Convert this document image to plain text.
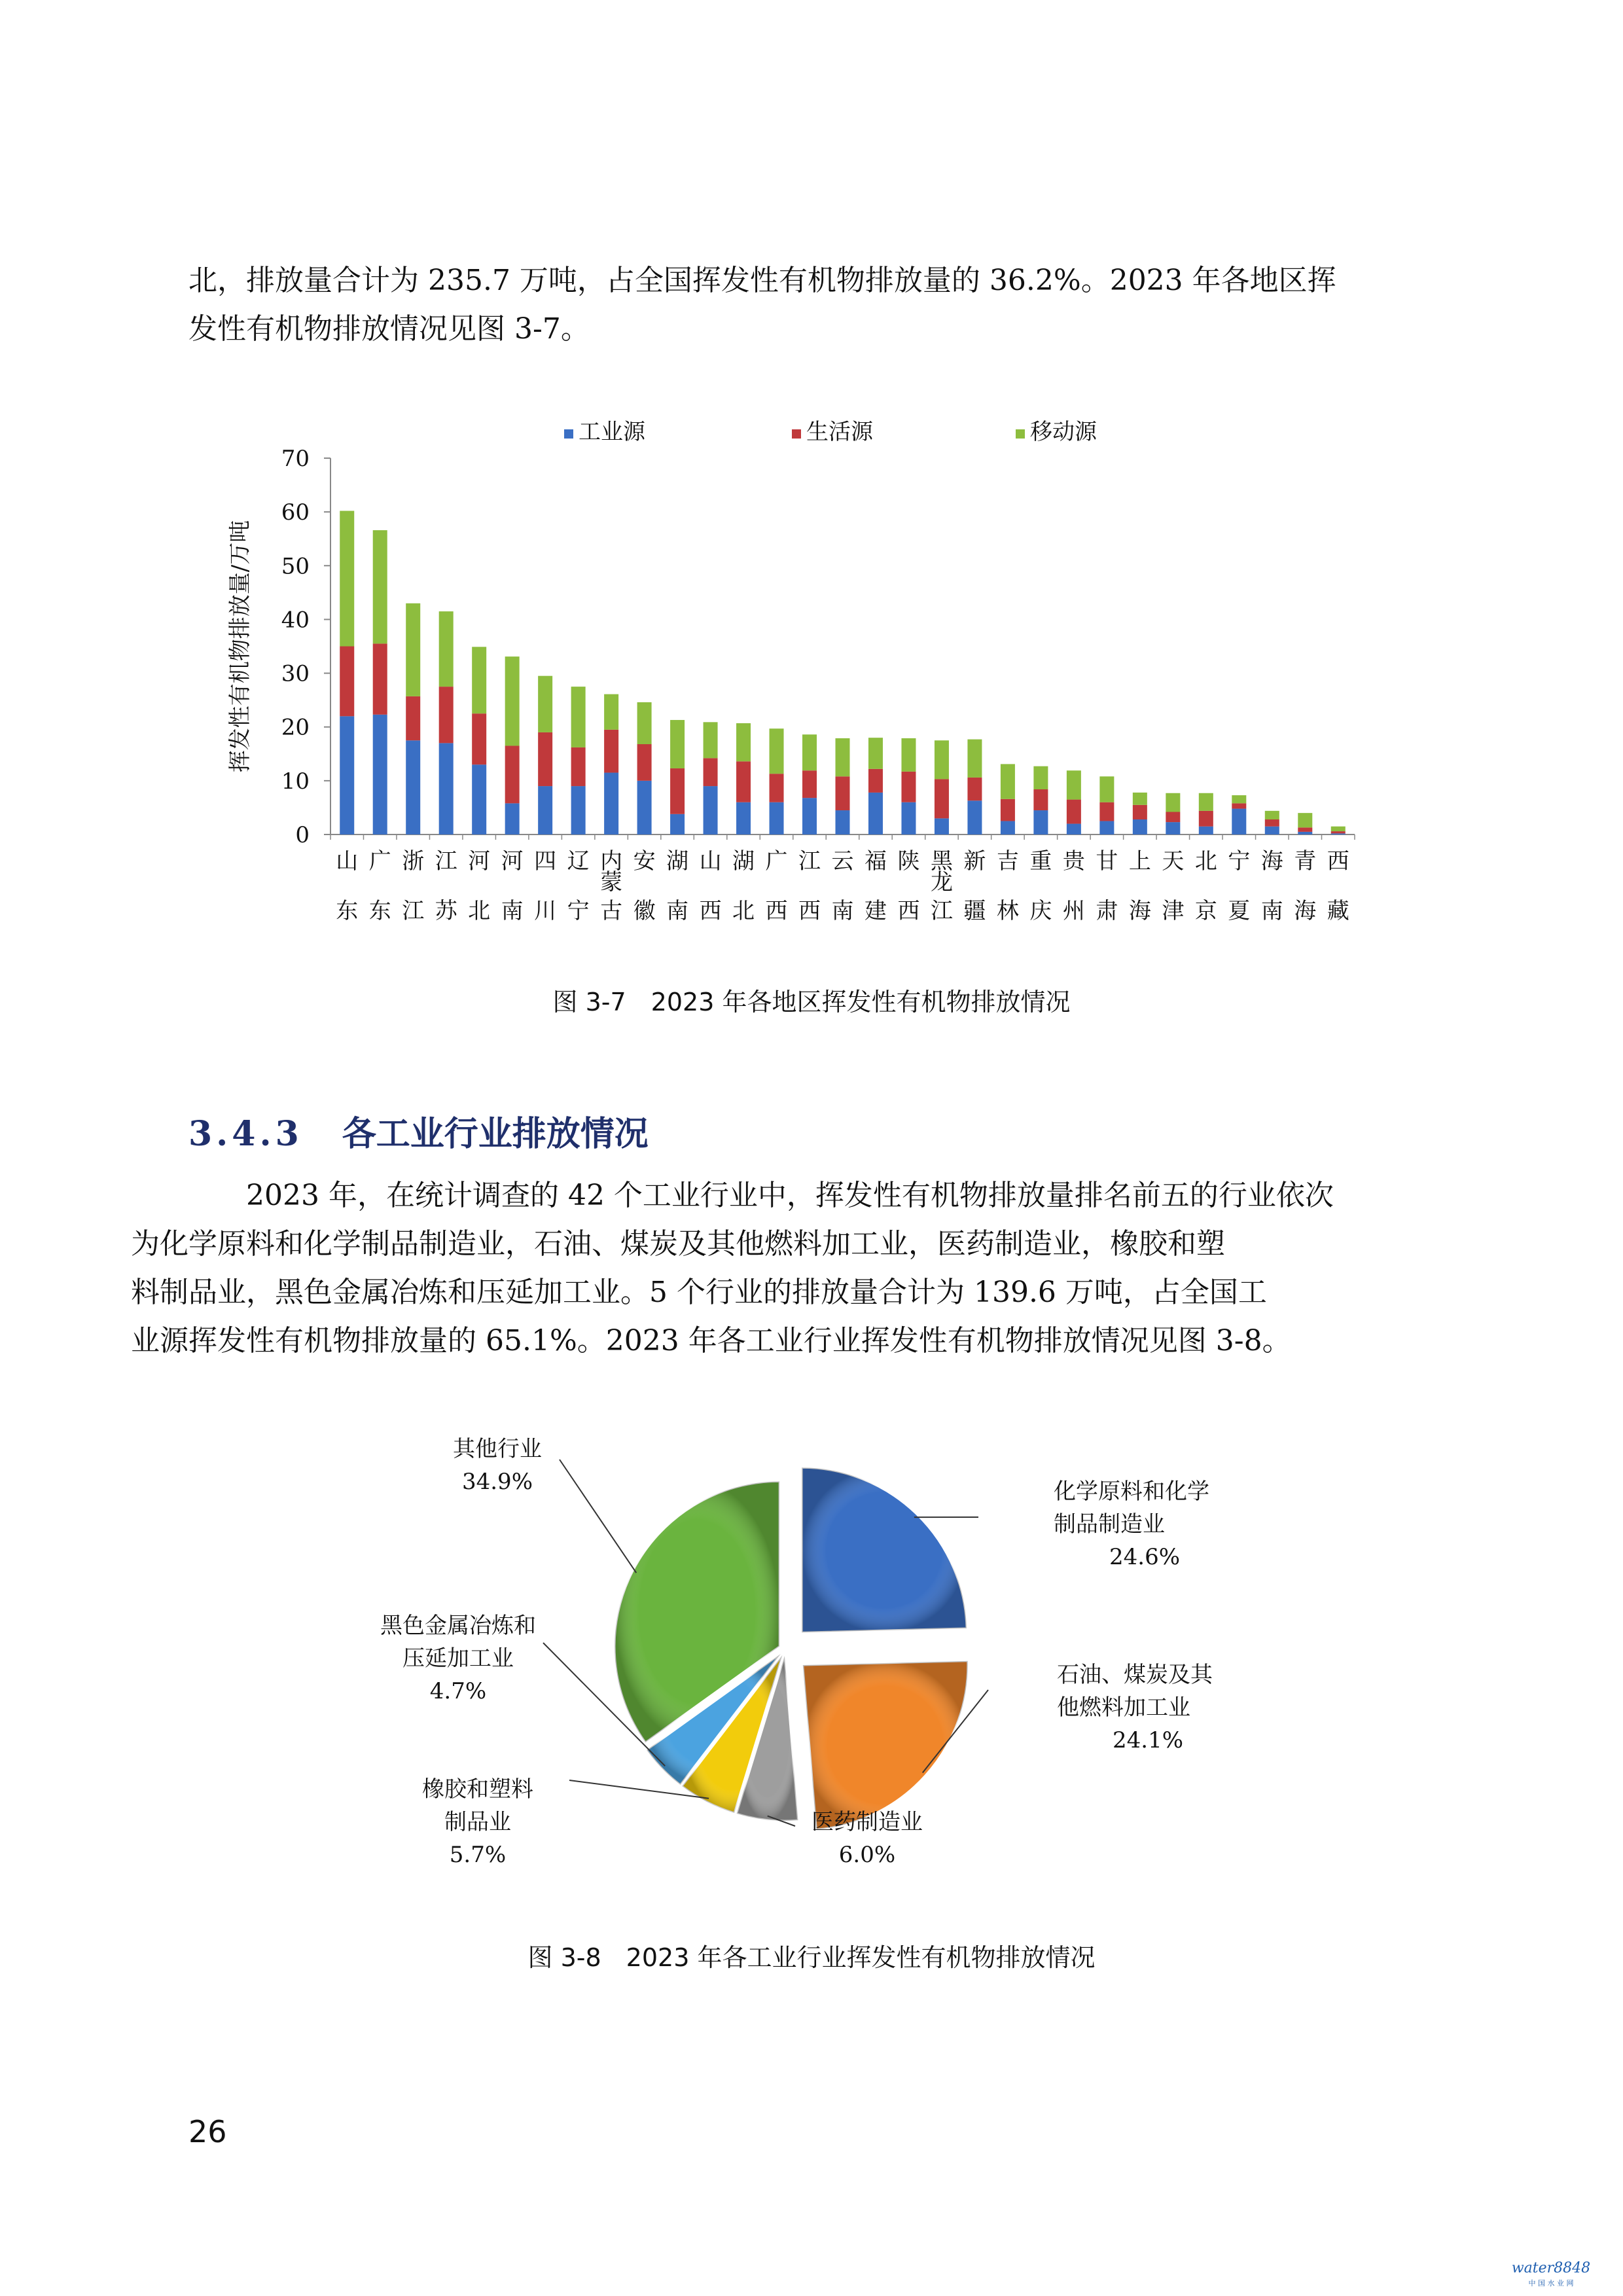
北，排放量合计为 235.7 万吨，占全国挥发性有机物排放量的 36.2%。2023 年各地区挥
发性有机物排放情况见图 3-7。

工业源	生活源	移动源
0
10
20
30
40
50
60
70
挥发性有机物排放量/万吨
山
东
广
东
浙
江
江
苏
河
北
河
南
四
川
辽
宁
内
蒙
古
安
徽
湖
南
山
西
湖
北
广
西
江
西
云
南
福
建
陕
西
黑
龙
江
新
疆
吉
林
重
庆
贵
州
甘
肃
上
海
天
津
北
京
宁
夏
海
南
青
海
西
藏

图 3-7　2023 年各地区挥发性有机物排放情况

3.4.3 各工业行业排放情况

2023 年，在统计调查的 42 个工业行业中，挥发性有机物排放量排名前五的行业依次
为化学原料和化学制品制造业，石油、煤炭及其他燃料加工业，医药制造业，橡胶和塑
料制品业，黑色金属冶炼和压延加工业。5 个行业的排放量合计为 139.6 万吨，占全国工
业源挥发性有机物排放量的 65.1%。2023 年各工业行业挥发性有机物排放情况见图 3-8。

化学原料和化学
制品制造业
24.6%
石油、煤炭及其
他燃料加工业
24.1%
医药制造业
6.0%
橡胶和塑料
制品业
5.7%
黑色金属冶炼和
压延加工业
4.7%
其他行业
34.9%

图 3-8　2023 年各工业行业挥发性有机物排放情况

26

water8848
中 国 水 业 网
